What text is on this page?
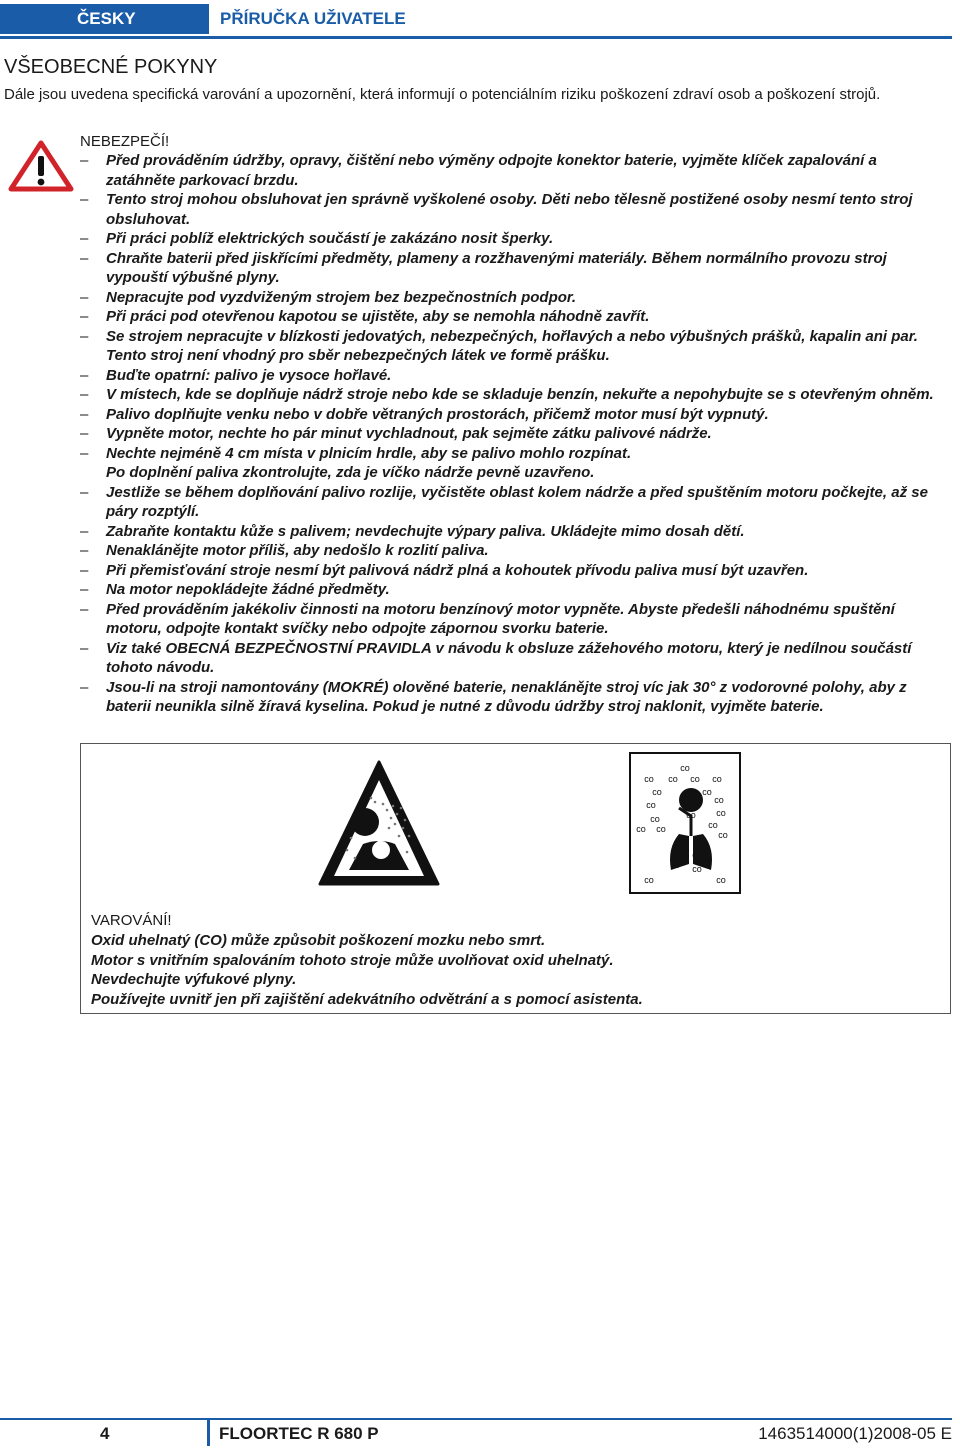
ČESKY	PŘÍRUČKA UŽIVATELE
VŠEOBECNÉ POKYNY
Dále jsou uvedena specifická varování a upozornění, která informují o potenciálním riziku poškození zdraví osob a poškození strojů.
NEBEZPEČÍ!
– Před prováděním údržby, opravy, čištění nebo výměny odpojte konektor baterie, vyjměte klíček zapalování a zatáhněte parkovací brzdu.
– Tento stroj mohou obsluhovat jen správně vyškolené osoby. Děti nebo tělesně postižené osoby nesmí tento stroj obsluhovat.
– Při práci poblíž elektrických součástí je zakázáno nosit šperky.
– Chraňte baterii před jiskřícími předměty, plameny a rozžhavenými materiály. Během normálního provozu stroj vypouští výbušné plyny.
– Nepracujte pod vyzdviženým strojem bez bezpečnostních podpor.
– Při práci pod otevřenou kapotou se ujistěte, aby se nemohla náhodně zavřít.
– Se strojem nepracujte v blízkosti jedovatých, nebezpečných, hořlavých a nebo výbušných prášků, kapalin ani par. Tento stroj není vhodný pro sběr nebezpečných látek ve formě prášku.
– Buďte opatrní: palivo je vysoce hořlavé.
– V místech, kde se doplňuje nádrž stroje nebo kde se skladuje benzín, nekuřte a nepohybujte se s otevřeným ohněm.
– Palivo doplňujte venku nebo v dobře větraných prostorách, přičemž motor musí být vypnutý.
– Vypněte motor, nechte ho pár minut vychladnout, pak sejměte zátku palivové nádrže.
– Nechte nejméně 4 cm místa v plnicím hrdle, aby se palivo mohlo rozpínat.
Po doplnění paliva zkontrolujte, zda je víčko nádrže pevně uzavřeno.
– Jestliže se během doplňování palivo rozlije, vyčistěte oblast kolem nádrže a před spuštěním motoru počkejte, až se páry rozptýlí.
– Zabraňte kontaktu kůže s palivem; nevdechujte výpary paliva. Ukládejte mimo dosah dětí.
– Nenaklánějte motor příliš, aby nedošlo k rozlití paliva.
– Při přemisťování stroje nesmí být palivová nádrž plná a kohoutek přívodu paliva musí být uzavřen.
– Na motor nepokládejte žádné předměty.
– Před prováděním jakékoliv činnosti na motoru benzínový motor vypněte. Abyste předešli náhodnému spuštění motoru, odpojte kontakt svíčky nebo odpojte zápornou svorku baterie.
– Viz také OBECNÁ BEZPEČNOSTNÍ PRAVIDLA v návodu k obsluze zážehového motoru, který je nedílnou součástí tohoto návodu.
– Jsou-li na stroji namontovány (MOKRÉ) olověné baterie, nenaklánějte stroj víc jak 30° z vodorovné polohy, aby z baterii neunikla silně žíravá kyselina. Pokud je nutné z důvodu údržby stroj naklonit, vyjměte baterie.
co
co co co co
co	co
co	co
co co
co
co
co co
co
co co
co co
co	co
VAROVÁNÍ!
Oxid uhelnatý (CO) může způsobit poškození mozku nebo smrt.
Motor s vnitřním spalováním tohoto stroje může uvolňovat oxid uhelnatý.
Nevdechujte výfukové plyny.
Používejte uvnitř jen při zajištění adekvátního odvětrání a s pomocí asistenta.
4	FLOORTEC R 680 P	1463514000(1)2008-05 E
